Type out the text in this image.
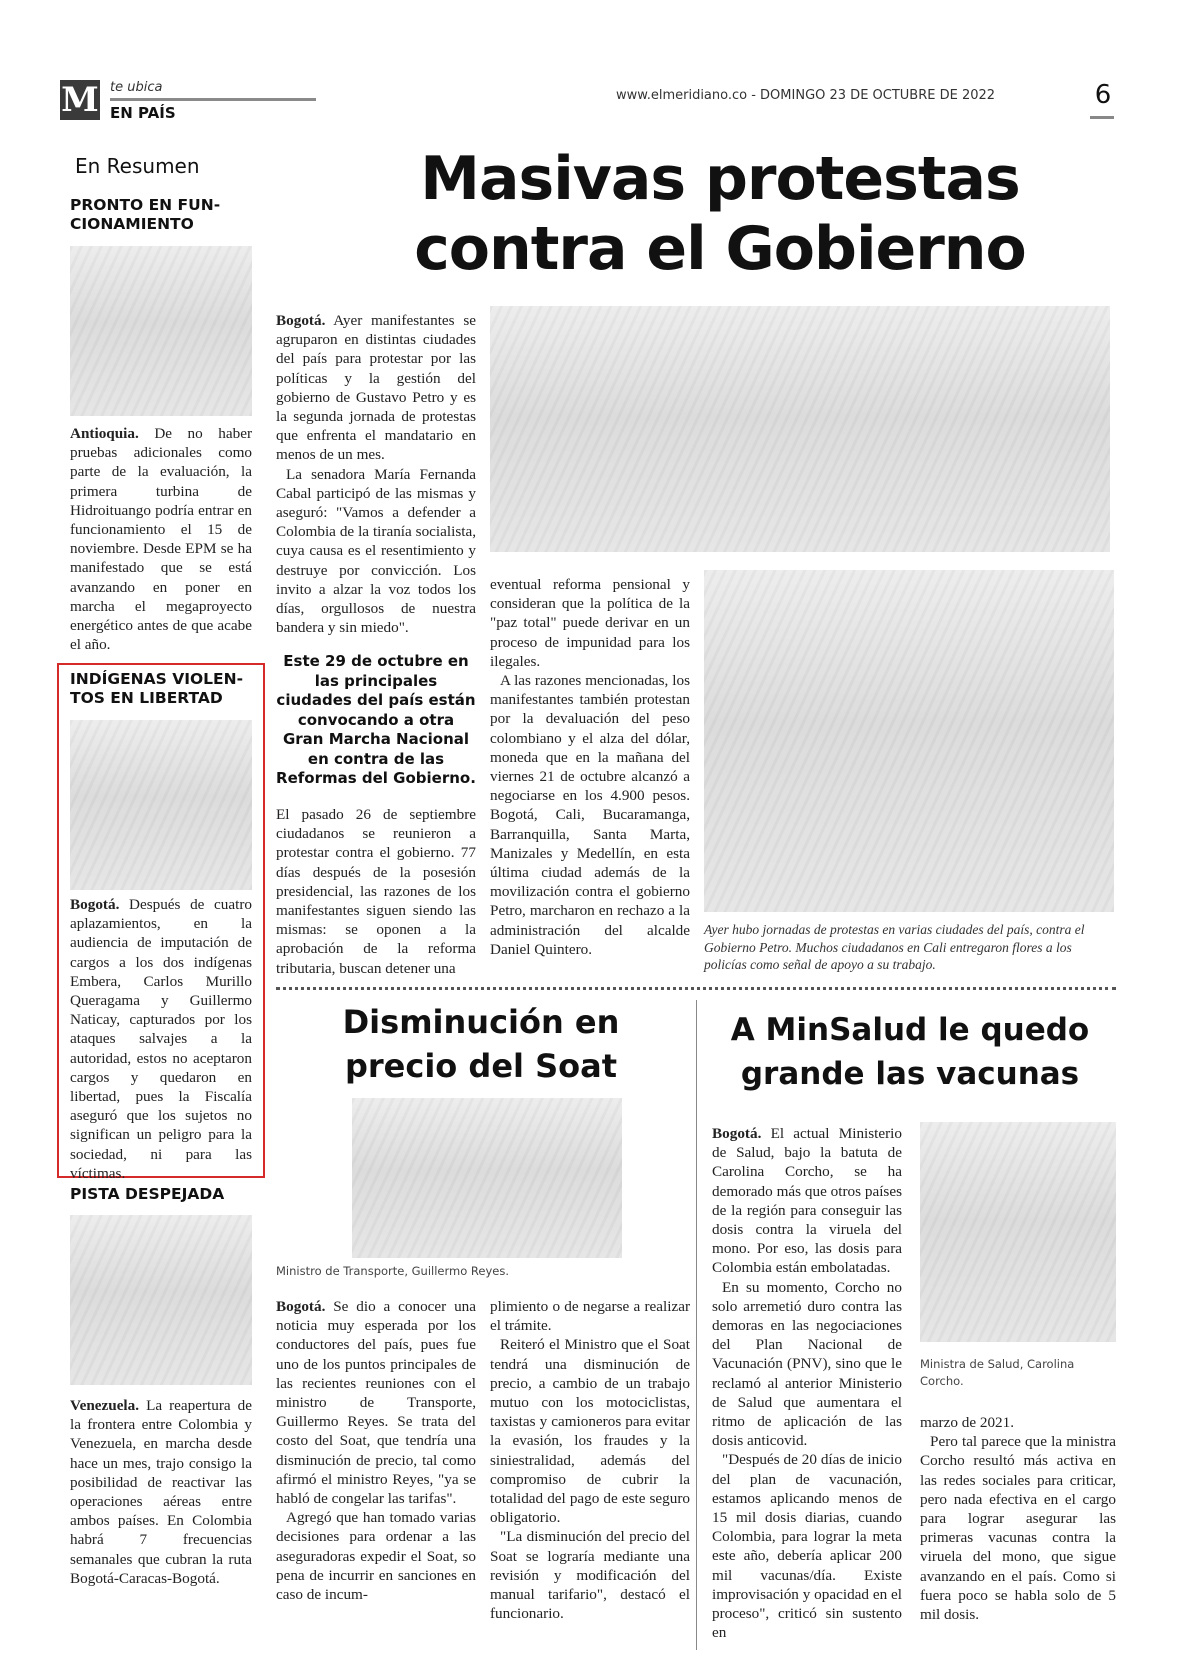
M te ubica
EN PAÍS
www.elmeridiano.co - DOMINGO 23 DE OCTUBRE DE 2022	6
En Resumen
PRONTO EN FUN-CIONAMIENTO

Antioquia. De no haber pruebas adicionales como parte de la evaluación, la primera turbina de Hidroituango podría entrar en funcionamiento el 15 de noviembre. Desde EPM se ha manifestado que se está avanzando en poner en marcha el megaproyecto energético antes de que acabe el año.

INDÍGENAS VIOLEN-TOS EN LIBERTAD

Bogotá. Después de cuatro aplazamientos, en la audiencia de imputación de cargos a los dos indígenas Embera, Carlos Murillo Queragama y Guillermo Naticay, capturados por los ataques salvajes a la autoridad, estos no aceptaron cargos y quedaron en libertad, pues la Fiscalía aseguró que los sujetos no significan un peligro para la sociedad, ni para las víctimas.

PISTA DESPEJADA

Venezuela. La reapertura de la frontera entre Colombia y Venezuela, en marcha desde hace un mes, trajo consigo la posibilidad de reactivar las operaciones aéreas entre ambos países. En Colombia habrá 7 frecuencias semanales que cubran la ruta Bogotá-Caracas-Bogotá.

Masivas protestas
contra el Gobierno

Bogotá. Ayer manifestantes se agruparon en distintas ciudades del país para protestar por las políticas y la gestión del gobierno de Gustavo Petro y es la segunda jornada de protestas que enfrenta el mandatario en menos de un mes.

La senadora María Fernanda Cabal participó de las mismas y aseguró: "Vamos a defender a Colombia de la tiranía socialista, cuya causa es el resentimiento y destruye por convicción. Los invito a alzar la voz todos los días, orgullosos de nuestra bandera y sin miedo".

Este 29 de octubre en las principales ciudades del país están convocando a otra Gran Marcha Nacional en contra de las Reformas del Gobierno.

El pasado 26 de septiembre ciudadanos se reunieron a protestar contra el gobierno. 77 días después de la posesión presidencial, las razones de los manifestantes siguen siendo las mismas: se oponen a la aprobación de la reforma tributaria, buscan detener una

eventual reforma pensional y consideran que la política de la "paz total" puede derivar en un proceso de impunidad para los ilegales.

A las razones mencionadas, los manifestantes también protestan por la devaluación del peso colombiano y el alza del dólar, moneda que en la mañana del viernes 21 de octubre alcanzó a negociarse en los 4.900 pesos. Bogotá, Cali, Bucaramanga, Barranquilla, Santa Marta, Manizales y Medellín, en esta última ciudad además de la movilización contra el gobierno Petro, marcharon en rechazo a la administración del alcalde Daniel Quintero.

Ayer hubo jornadas de protestas en varias ciudades del país, contra el Gobierno Petro. Muchos ciudadanos en Cali entregaron flores a los policías como señal de apoyo a su trabajo.
Disminución en
precio del Soat
Ministro de Transporte, Guillermo Reyes.

Bogotá. Se dio a conocer una noticia muy esperada por los conductores del país, pues fue uno de los puntos principales de las recientes reuniones con el ministro de Transporte, Guillermo Reyes. Se trata del costo del Soat, que tendría una disminución de precio, tal como afirmó el ministro Reyes, "ya se habló de congelar las tarifas".

Agregó que han tomado varias decisiones para ordenar a las aseguradoras expedir el Soat, so pena de incurrir en sanciones en caso de incum-

plimiento o de negarse a realizar el trámite.

Reiteró el Ministro que el Soat tendrá una disminución de precio, a cambio de un trabajo mutuo con los motociclistas, taxistas y camioneros para evitar la evasión, los fraudes y la siniestralidad, además del compromiso de cubrir la totalidad del pago de este seguro obligatorio.

"La disminución del precio del Soat se lograría mediante una revisión y modificación del manual tarifario", destacó el funcionario.

A MinSalud le quedo
grande las vacunas

Bogotá. El actual Ministerio de Salud, bajo la batuta de Carolina Corcho, se ha demorado más que otros países de la región para conseguir las dosis contra la viruela del mono. Por eso, las dosis para Colombia están embolatadas.

En su momento, Corcho no solo arremetió duro contra las demoras en las negociaciones del Plan Nacional de Vacunación (PNV), sino que le reclamó al anterior Ministerio de Salud que aumentara el ritmo de aplicación de las dosis anticovid.

"Después de 20 días de inicio del plan de vacunación, estamos aplicando menos de 15 mil dosis diarias, cuando Colombia, para lograr la meta este año, debería aplicar 200 mil vacunas/día. Existe improvisación y opacidad en el proceso", criticó sin sustento en

Ministra de Salud, Carolina Corcho.

marzo de 2021.

Pero tal parece que la ministra Corcho resultó más activa en las redes sociales para criticar, pero nada efectiva en el cargo para lograr asegurar las primeras vacunas contra la viruela del mono, que sigue avanzando en el país. Como si fuera poco se habla solo de 5 mil dosis.
